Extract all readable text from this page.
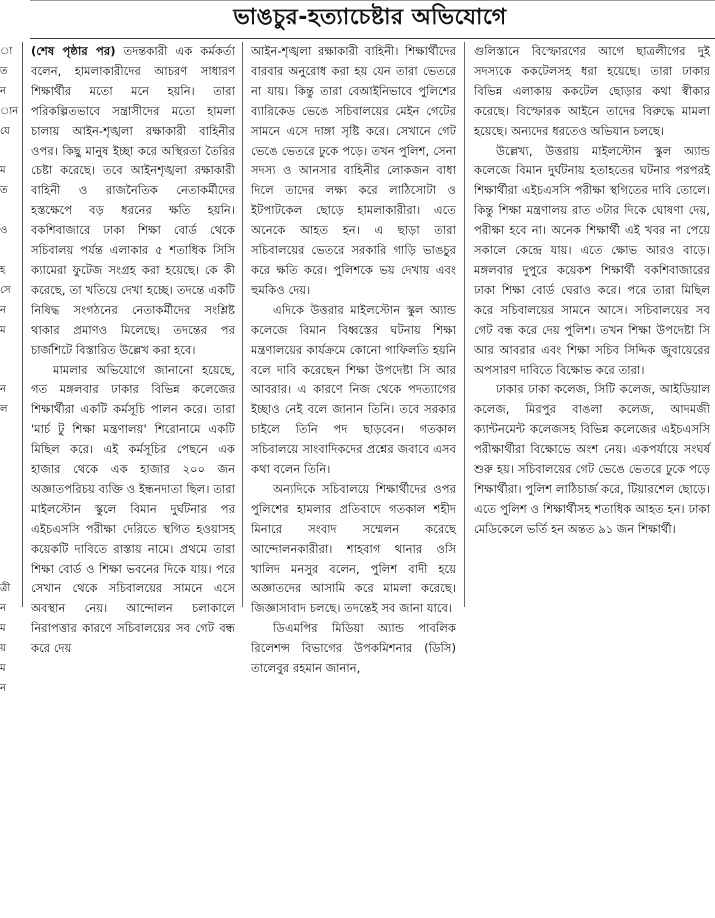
ভাঙচুর-হত্যাচেষ্টার অভিযোগে
া
ত
ন
ান
যে

ম
ত

ও

হ
সে
ন
ম

ন
ল

ত্রী
ন
ম
য়
ম
ন

(শেষ পৃষ্ঠার পর) তদন্তকারী এক কর্মকর্তা বলেন, হামলাকারীদের আচরণ সাধারণ শিক্ষার্থীর মতো মনে হয়নি। তারা পরিকল্পিতভাবে সন্ত্রাসীদের মতো হামলা চালায় আইন-শৃঙ্খলা রক্ষাকারী বাহিনীর ওপর। কিছু মানুষ ইচ্ছা করে অস্থিরতা তৈরির চেষ্টা করেছে। তবে আইনশৃঙ্খলা রক্ষাকারী বাহিনী ও রাজনৈতিক নেতাকর্মীদের হস্তক্ষেপে বড় ধরনের ক্ষতি হয়নি। বকশিবাজারে ঢাকা শিক্ষা বোর্ড থেকে সচিবালয় পর্যন্ত এলাকার ৫ শতাধিক সিসি ক্যামেরা ফুটেজ সংগ্রহ করা হয়েছে। কে কী করেছে, তা খতিয়ে দেখা হচ্ছে। তদন্তে একটি নিষিদ্ধ সংগঠনের নেতাকর্মীদের সংশ্লিষ্ট থাকার প্রমাণও মিলেছে। তদন্তের পর চার্জশিটে বিস্তারিত উল্লেখ করা হবে।

মামলার অভিযোগে জানানো হয়েছে, গত মঙ্গলবার ঢাকার বিভিন্ন কলেজের শিক্ষার্থীরা একটি কর্মসূচি পালন করে। তারা 'মার্চ টু শিক্ষা মন্ত্রণালয়' শিরোনামে একটি মিছিল করে। এই কর্মসূচির পেছনে এক হাজার থেকে এক হাজার ২০০ জন অজ্ঞাতপরিচয় ব্যক্তি ও ইন্ধনদাতা ছিল। তারা মাইলস্টোন স্কুলে বিমান দুর্ঘটনার পর এইচএসসি পরীক্ষা দেরিতে স্থগিত হওয়াসহ কয়েকটি দাবিতে রাস্তায় নামে। প্রথমে তারা শিক্ষা বোর্ড ও শিক্ষা ভবনের দিকে যায়। পরে সেখান থেকে সচিবালয়ের সামনে এসে অবস্থান নেয়। আন্দোলন চলাকালে নিরাপত্তার কারণে সচিবালয়ের সব গেট বন্ধ করে দেয়

আইন-শৃঙ্খলা রক্ষাকারী বাহিনী। শিক্ষার্থীদের বারবার অনুরোধ করা হয় যেন তারা ভেতরে না যায়। কিন্তু তারা বেআইনিভাবে পুলিশের ব্যারিকেড ভেঙে সচিবালয়ের মেইন গেটের সামনে এসে দাঙ্গা সৃষ্টি করে। সেখানে গেট ভেঙে ভেতরে ঢুকে পড়ে। তখন পুলিশ, সেনা সদস্য ও আনসার বাহিনীর লোকজন বাধা দিলে তাদের লক্ষ্য করে লাঠিসোটা ও ইটপাটকেল ছোড়ে হামলাকারীরা। এতে অনেকে আহত হন। এ ছাড়া তারা সচিবালয়ের ভেতরে সরকারি গাড়ি ভাঙচুর করে ক্ষতি করে। পুলিশকে ভয় দেখায় এবং হুমকিও দেয়।

এদিকে উত্তরার মাইলস্টোন স্কুল অ্যান্ড কলেজে বিমান বিধ্বস্তের ঘটনায় শিক্ষা মন্ত্রণালয়ের কার্যক্রমে কোনো গাফিলতি হয়নি বলে দাবি করেছেন শিক্ষা উপদেষ্টা সি আর আবরার। এ কারণে নিজ থেকে পদত্যাগের ইচ্ছাও নেই বলে জানান তিনি। তবে সরকার চাইলে তিনি পদ ছাড়বেন। গতকাল সচিবালয়ে সাংবাদিকদের প্রশ্নের জবাবে এসব কথা বলেন তিনি।

অন্যদিকে সচিবালয়ে শিক্ষার্থীদের ওপর পুলিশের হামলার প্রতিবাদে গতকাল শহীদ মিনারে সংবাদ সম্মেলন করেছে আন্দোলনকারীরা। শাহবাগ থানার ওসি খালিদ মনসুর বলেন, পুলিশ বাদী হয়ে অজ্ঞাতদের আসামি করে মামলা করেছে। জিজ্ঞাসাবাদ চলছে। তদন্তেই সব জানা যাবে।

ডিএমপির মিডিয়া অ্যান্ড পাবলিক রিলেশন্স বিভাগের উপকমিশনার (ডিসি) তালেবুর রহমান জানান,

গুলিস্তানে বিস্ফোরণের আগে ছাত্রলীগের দুই সদস্যকে ককটেলসহ ধরা হয়েছে। তারা ঢাকার বিভিন্ন এলাকায় ককটেল ছোড়ার কথা স্বীকার করেছে। বিস্ফোরক আইনে তাদের বিরুদ্ধে মামলা হয়েছে। অন্যদের ধরতেও অভিযান চলছে।

উল্লেখ্য, উত্তরায় মাইলস্টোন স্কুল অ্যান্ড কলেজে বিমান দুর্ঘটনায় হতাহতের ঘটনার পরপরই শিক্ষার্থীরা এইচএসসি পরীক্ষা স্থগিতের দাবি তোলে। কিন্তু শিক্ষা মন্ত্রণালয় রাত ৩টার দিকে ঘোষণা দেয়, পরীক্ষা হবে না। অনেক শিক্ষার্থী এই খবর না পেয়ে সকালে কেন্দ্রে যায়। এতে ক্ষোভ আরও বাড়ে। মঙ্গলবার দুপুরে কয়েকশ শিক্ষার্থী বকশিবাজারের ঢাকা শিক্ষা বোর্ড ঘেরাও করে। পরে তারা মিছিল করে সচিবালয়ের সামনে আসে। সচিবালয়ের সব গেট বন্ধ করে দেয় পুলিশ। তখন শিক্ষা উপদেষ্টা সি আর আবরার এবং শিক্ষা সচিব সিদ্দিক জুবায়েরের অপসারণ দাবিতে বিক্ষোভ করে তারা।

ঢাকার ঢাকা কলেজ, সিটি কলেজ, আইডিয়াল কলেজ, মিরপুর বাঙলা কলেজ, আদমজী ক্যান্টনমেন্ট কলেজসহ বিভিন্ন কলেজের এইচএসসি পরীক্ষার্থীরা বিক্ষোভে অংশ নেয়। একপর্যায়ে সংঘর্ষ শুরু হয়। সচিবালয়ের গেট ভেঙে ভেতরে ঢুকে পড়ে শিক্ষার্থীরা। পুলিশ লাঠিচার্জ করে, টিয়ারশেল ছোড়ে। এতে পুলিশ ও শিক্ষার্থীসহ শতাধিক আহত হন। ঢাকা মেডিকেলে ভর্তি হন অন্তত ৯১ জন শিক্ষার্থী।
